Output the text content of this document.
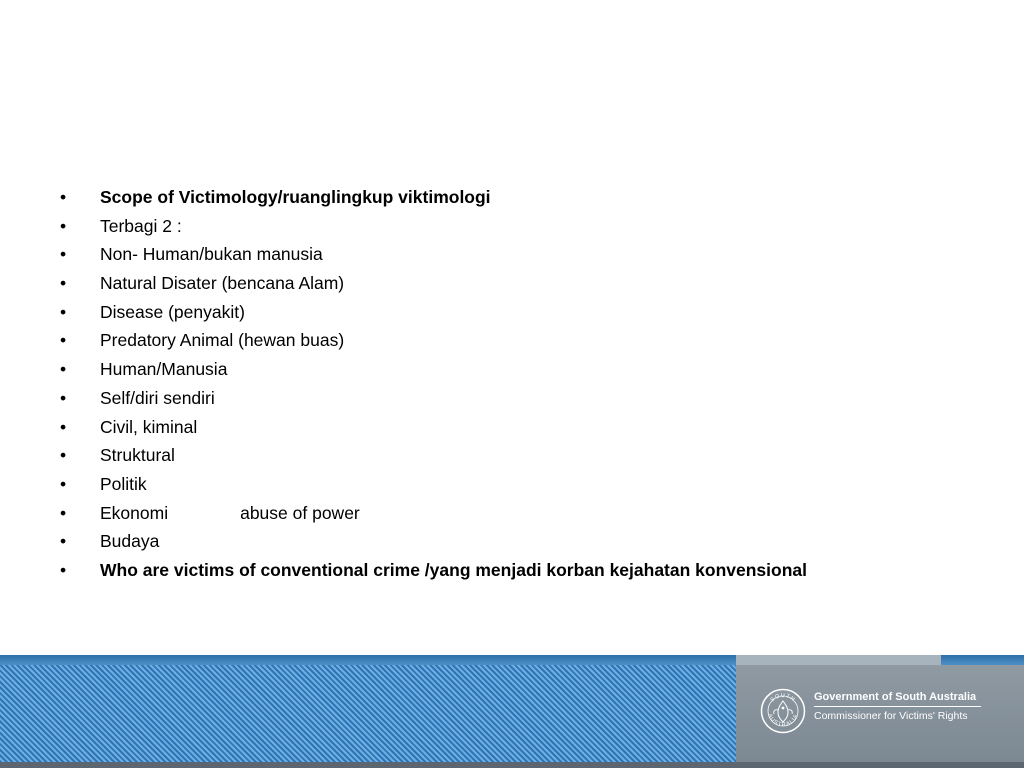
•	Scope of Victimology/ruanglingkup viktimologi
•	Terbagi 2 :
•	Non- Human/bukan manusia
•	Natural Disater (bencana Alam)
•	Disease (penyakit)
•	Predatory Animal (hewan buas)
•	Human/Manusia
•	Self/diri sendiri
•	Civil, kiminal
•	Struktural
•	Politik
•	Ekonomi	abuse of power
•	Budaya
•	Who are victims of conventional crime /yang menjadi korban kejahatan konvensional
SOUTH
AUSTRALIA
Government of South Australia
Commissioner for Victims' Rights
